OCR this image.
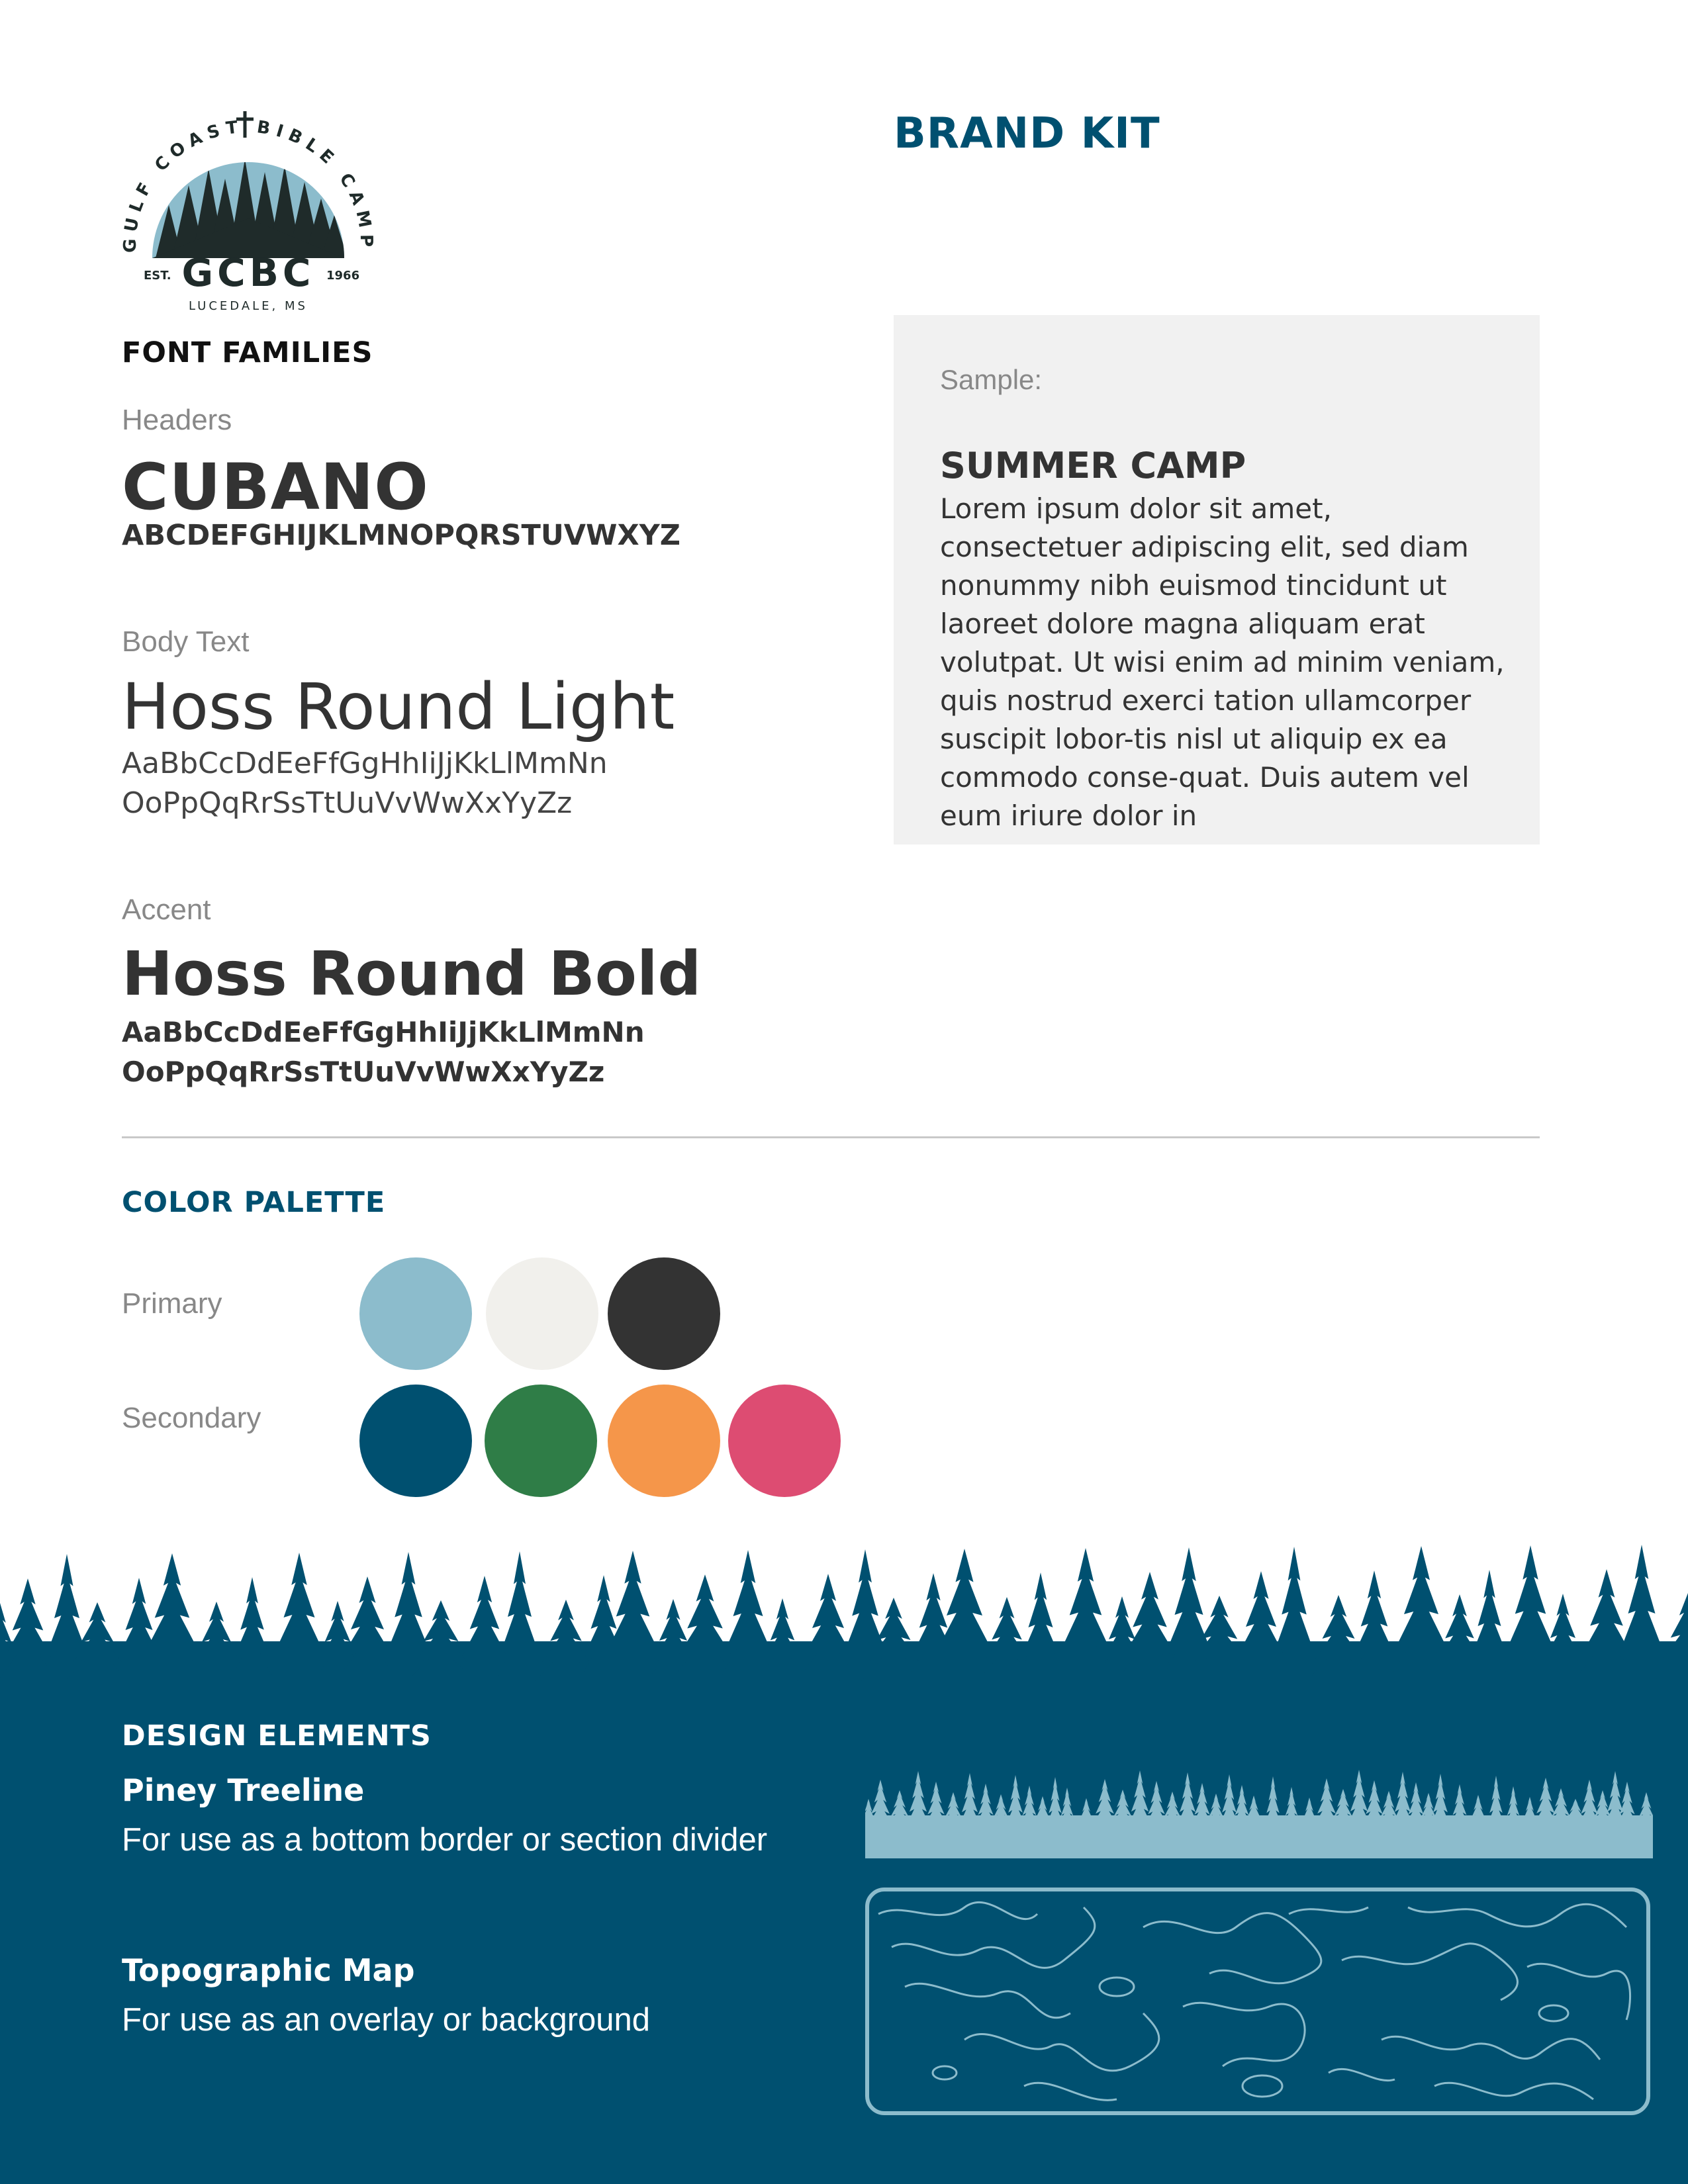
GULF COAST BIBLE CAMP
GCBC
EST.	1966
LUCEDALE, MS
BRAND KIT
FONT FAMILIES
Headers
CUBANO
ABCDEFGHIJKLMNOPQRSTUVWXYZ
Body Text
Hoss Round Light
AaBbCcDdEeFfGgHhIiJjKkLlMmNn
OoPpQqRrSsTtUuVvWwXxYyZz
Accent
Hoss Round Bold
AaBbCcDdEeFfGgHhIiJjKkLlMmNn
OoPpQqRrSsTtUuVvWwXxYyZz
Sample:
SUMMER CAMP
Lorem ipsum dolor sit amet, consectetuer adipiscing elit, sed diam nonummy nibh euismod tincidunt ut laoreet dolore magna aliquam erat volutpat. Ut wisi enim ad minim veniam, quis nostrud exerci tation ullamcorper suscipit lobor-tis nisl ut aliquip ex ea commodo conse-quat. Duis autem vel eum iriure dolor in
COLOR PALETTE
Primary
Secondary
DESIGN ELEMENTS
Piney Treeline
For use as a bottom border or section divider
Topographic Map
For use as an overlay or background
